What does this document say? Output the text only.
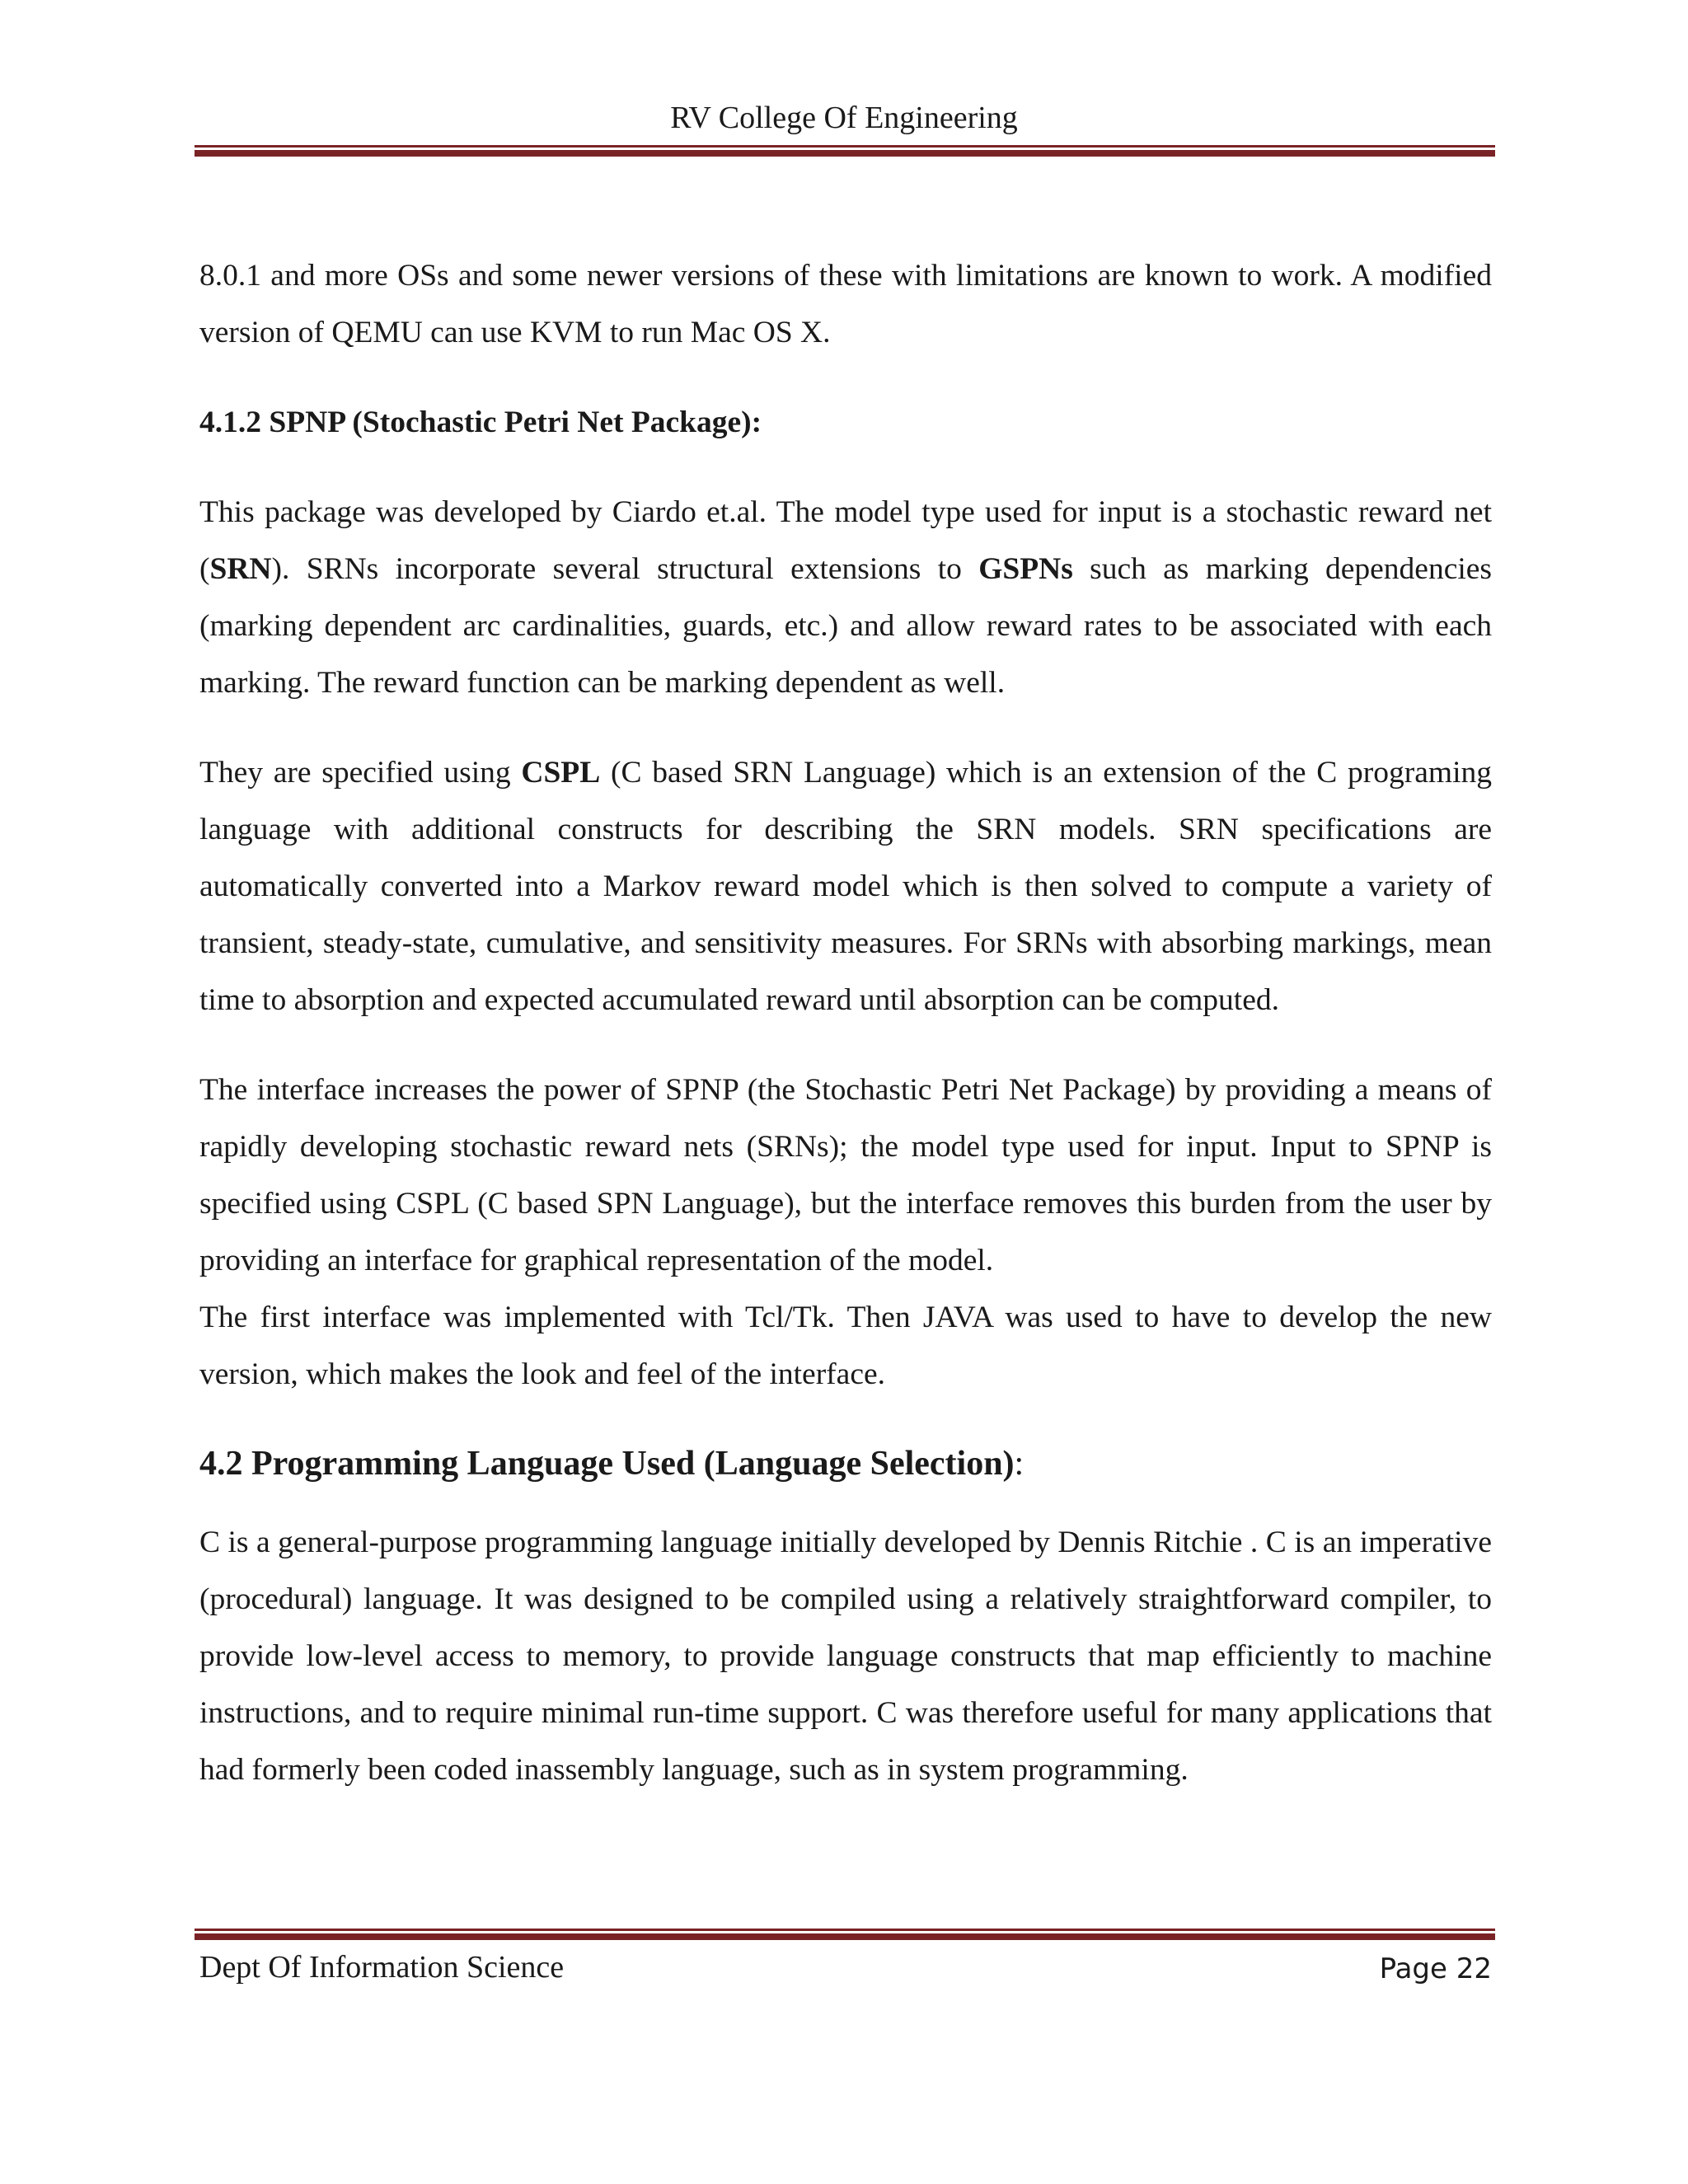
RV College Of Engineering

8.0.1 and more OSs and some newer versions of these with limitations are known to work. A modified version of QEMU can use KVM to run Mac OS X.

4.1.2 SPNP (Stochastic Petri Net Package):

This package was developed by Ciardo et.al. The model type used for input is a stochastic reward net (SRN). SRNs incorporate several structural extensions to GSPNs such as marking dependencies (marking dependent arc cardinalities, guards, etc.) and allow reward rates to be associated with each marking. The reward function can be marking dependent as well.

They are specified using CSPL (C based SRN Language) which is an extension of the C programing language with additional constructs for describing the SRN models. SRN specifications are automatically converted into a Markov reward model which is then solved to compute a variety of transient, steady-state, cumulative, and sensitivity measures. For SRNs with absorbing markings, mean time to absorption and expected accumulated reward until absorption can be computed.

The interface increases the power of SPNP (the Stochastic Petri Net Package) by providing a means of rapidly developing stochastic reward nets (SRNs); the model type used for input. Input to SPNP is specified using CSPL (C based SPN Language), but the interface removes this burden from the user by providing an interface for graphical representation of the model.
The first interface was implemented with Tcl/Tk. Then JAVA was used to have to develop the new version, which makes the look and feel of the interface.

4.2 Programming Language Used (Language Selection):

C is a general-purpose programming language initially developed by Dennis Ritchie . C is an imperative (procedural) language. It was designed to be compiled using a relatively straightforward compiler, to provide low-level access to memory, to provide language constructs that map efficiently to machine instructions, and to require minimal run-time support. C was therefore useful for many applications that had formerly been coded inassembly language, such as in system programming.

Dept Of Information Science	Page 22
